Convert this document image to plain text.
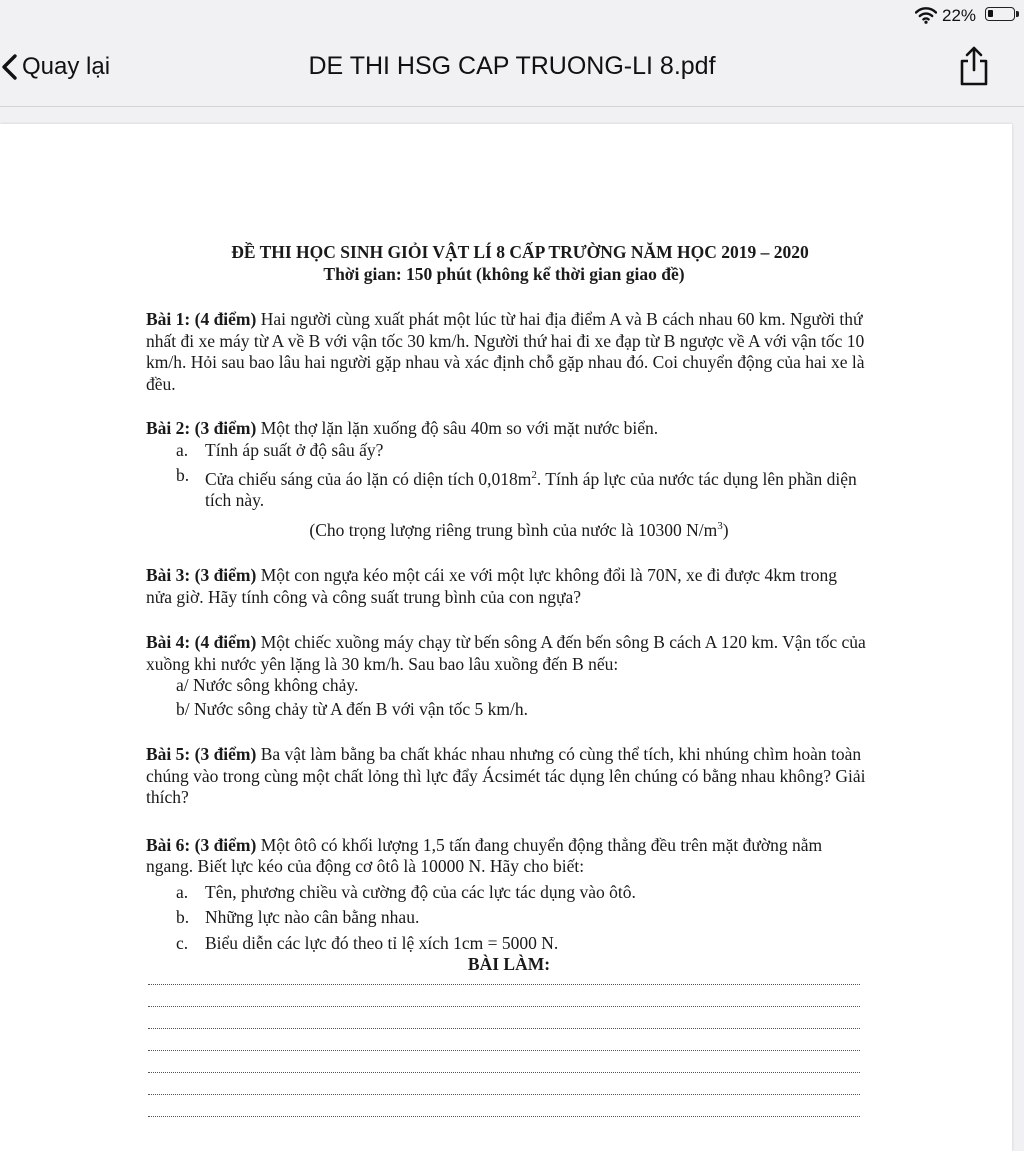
22%
Quay lại	DE THI HSG CAP TRUONG-LI 8.pdf
ĐỀ THI HỌC SINH GIỎI VẬT LÍ 8 CẤP TRƯỜNG NĂM HỌC 2019 – 2020
Thời gian: 150 phút (không kể thời gian giao đề)
Bài 1: (4 điểm) Hai người cùng xuất phát một lúc từ hai địa điểm A và B cách nhau 60 km. Người thứ nhất đi xe máy từ A về B với vận tốc 30 km/h. Người thứ hai đi xe đạp từ B ngược về A với vận tốc 10 km/h. Hỏi sau bao lâu hai người gặp nhau và xác định chỗ gặp nhau đó. Coi chuyển động của hai xe là đều.
Bài 2: (3 điểm) Một thợ lặn lặn xuống độ sâu 40m so với mặt nước biển.
a. Tính áp suất ở độ sâu ấy?
b. Cửa chiếu sáng của áo lặn có diện tích $0,018m^2$. Tính áp lực của nước tác dụng lên phần diện tích này.
(Cho trọng lượng riêng trung bình của nước là 10300 $N/m^3$)
Bài 3: (3 điểm) Một con ngựa kéo một cái xe với một lực không đổi là 70N, xe đi được 4km trong nửa giờ. Hãy tính công và công suất trung bình của con ngựa?
Bài 4: (4 điểm) Một chiếc xuồng máy chạy từ bến sông A đến bến sông B cách A 120 km. Vận tốc của xuồng khi nước yên lặng là 30 km/h. Sau bao lâu xuồng đến B nếu:
a/ Nước sông không chảy.
b/ Nước sông chảy từ A đến B với vận tốc 5 km/h.
Bài 5: (3 điểm) Ba vật làm bằng ba chất khác nhau nhưng có cùng thể tích, khi nhúng chìm hoàn toàn chúng vào trong cùng một chất lỏng thì lực đẩy Ácsimét tác dụng lên chúng có bằng nhau không? Giải thích?
Bài 6: (3 điểm) Một ôtô có khối lượng 1,5 tấn đang chuyển động thẳng đều trên mặt đường nằm ngang. Biết lực kéo của động cơ ôtô là 10000 N. Hãy cho biết:
a. Tên, phương chiều và cường độ của các lực tác dụng vào ôtô.
b. Những lực nào cân bằng nhau.
c. Biểu diễn các lực đó theo tỉ lệ xích 1cm = 5000 N.
BÀI LÀM:
